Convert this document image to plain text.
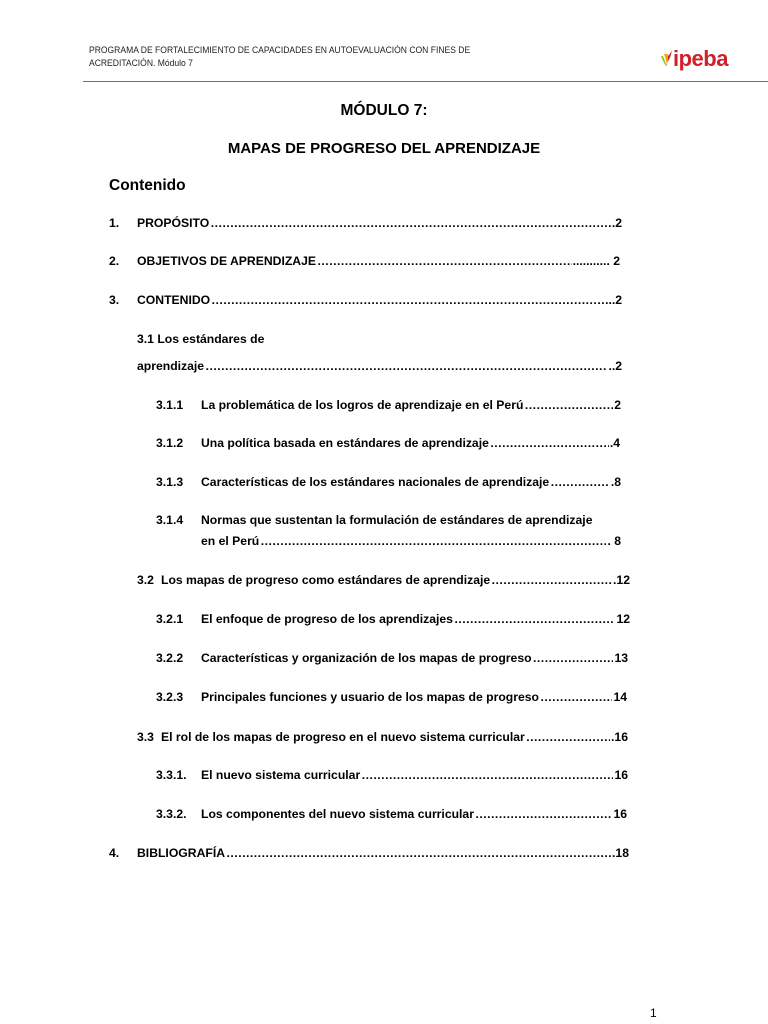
PROGRAMA DE FORTALECIMIENTO DE CAPACIDADES EN AUTOEVALUACIÓN CON FINES DE
ACREDITACIÓN. Módulo 7	ipeba
MÓDULO 7:
MAPAS DE PROGRESO DEL APRENDIZAJE
Contenido
1.	PROPÓSITO ………………………………………………………………………………………………………………………………………………………………………………………………	.2
2.	OBJETIVOS DE APRENDIZAJE ………………………………………………………………………………………………………………………………………………………………………………………………	........... 2
3.	CONTENIDO ………………………………………………………………………………………………………………………………………………………………………………………………	...2
3.1 Los estándares de
aprendizaje ………………………………………………………………………………………………………………………………………………………………………………………………	..2
3.1.1	La problemática de los logros de aprendizaje en el Perú ………………………………………………………………………………………………………………………………………………………………………………………………	2
3.1.2	Una política basada en estándares de aprendizaje ………………………………………………………………………………………………………………………………………………………………………………………………	.4
3.1.3	Características de los estándares nacionales de aprendizaje ………………………………………………………………………………………………………………………………………………………………………………………………	.8
3.1.4 Normas que sustentan la formulación de estándares de aprendizaje
en el Perú ………………………………………………………………………………………………………………………………………………………………………………………………	. 8
3.2 Los mapas de progreso como estándares de aprendizaje ………………………………………………………………………………………………………………………………………………………………………………………………	.12
3.2.1	El enfoque de progreso de los aprendizajes ………………………………………………………………………………………………………………………………………………………………………………………………	12
3.2.2	Características y organización de los mapas de progreso ………………………………………………………………………………………………………………………………………………………………………………………………	13
3.2.3	Principales funciones y usuario de los mapas de progreso ………………………………………………………………………………………………………………………………………………………………………………………………	14
3.3 El rol de los mapas de progreso en el nuevo sistema curricular ………………………………………………………………………………………………………………………………………………………………………………………………	.16
3.3.1.	El nuevo sistema curricular ………………………………………………………………………………………………………………………………………………………………………………………………	16
3.3.2.	Los componentes del nuevo sistema curricular ………………………………………………………………………………………………………………………………………………………………………………………………	16
4.	BIBLIOGRAFÍA ………………………………………………………………………………………………………………………………………………………………………………………………	.18
1
